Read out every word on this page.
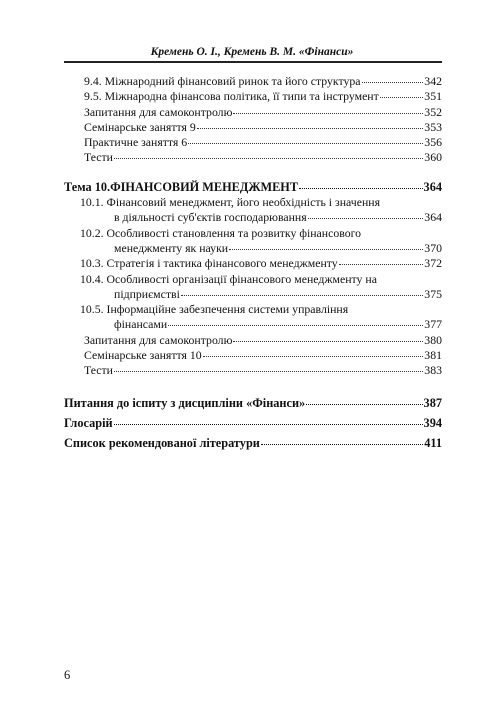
Кремень О. І., Кремень В. М. «Фінанси»
9.4. Міжнародний фінансовий ринок та його структура	342
9.5. Міжнародна фінансова політика, її типи та інструмент	351
Запитання для самоконтролю	352
Семінарське заняття 9	353
Практичне заняття 6	356
Тести	360
Тема 10.ФІНАНСОВИЙ МЕНЕДЖМЕНТ	364
10.1. Фінансовий менеджмент, його необхідність і значення
в діяльності суб'єктів господарювання	364
10.2. Особливості становлення та розвитку фінансового
менеджменту як науки	370
10.3. Стратегія і тактика фінансового менеджменту	372
10.4. Особливості організації фінансового менеджменту на
підприємстві	375
10.5. Інформаційне забезпечення системи управління
фінансами	377
Запитання для самоконтролю	380
Семінарське заняття 10	381
Тести	383
Питання до іспиту з дисципліни «Фінанси»	387
Глосарій	394
Список рекомендованої літератури	411
6
